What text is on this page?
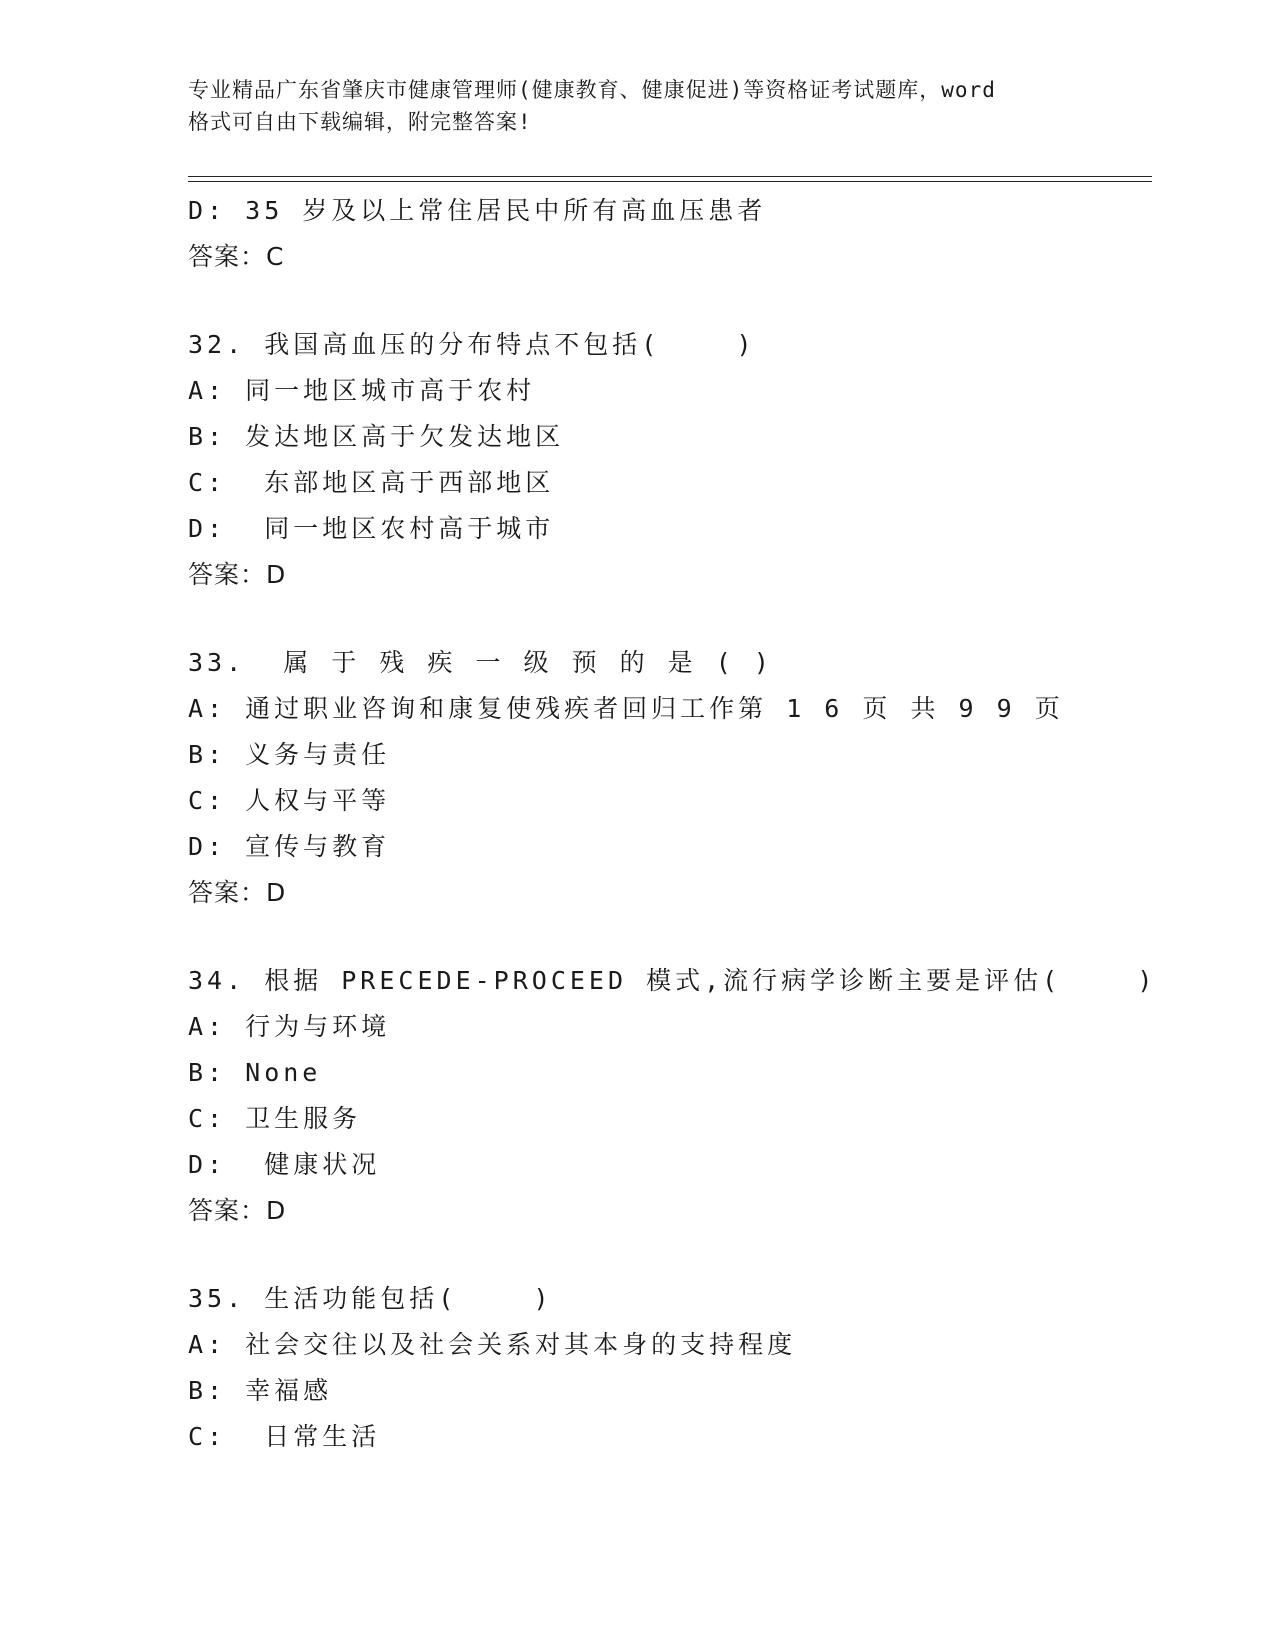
专业精品广东省肇庆市健康管理师(健康教育、健康促进)等资格证考试题库，word
格式可自由下载编辑，附完整答案!
D: 35 岁及以上常住居民中所有高血压患者
答案：C
32. 我国高血压的分布特点不包括(    )
A: 同一地区城市高于农村
B: 发达地区高于欠发达地区
C:  东部地区高于西部地区
D:  同一地区农村高于城市
答案：D
33.  属 于 残 疾 一 级 预 的 是 ( )
A: 通过职业咨询和康复使残疾者回归工作第 1 6 页 共 9 9 页
B: 义务与责任
C: 人权与平等
D: 宣传与教育
答案：D
34. 根据 PRECEDE-PROCEED 模式,流行病学诊断主要是评估(    )
A: 行为与环境
B: None
C: 卫生服务
D:  健康状况
答案：D
35. 生活功能包括(    )
A: 社会交往以及社会关系对其本身的支持程度
B: 幸福感
C:  日常生活
